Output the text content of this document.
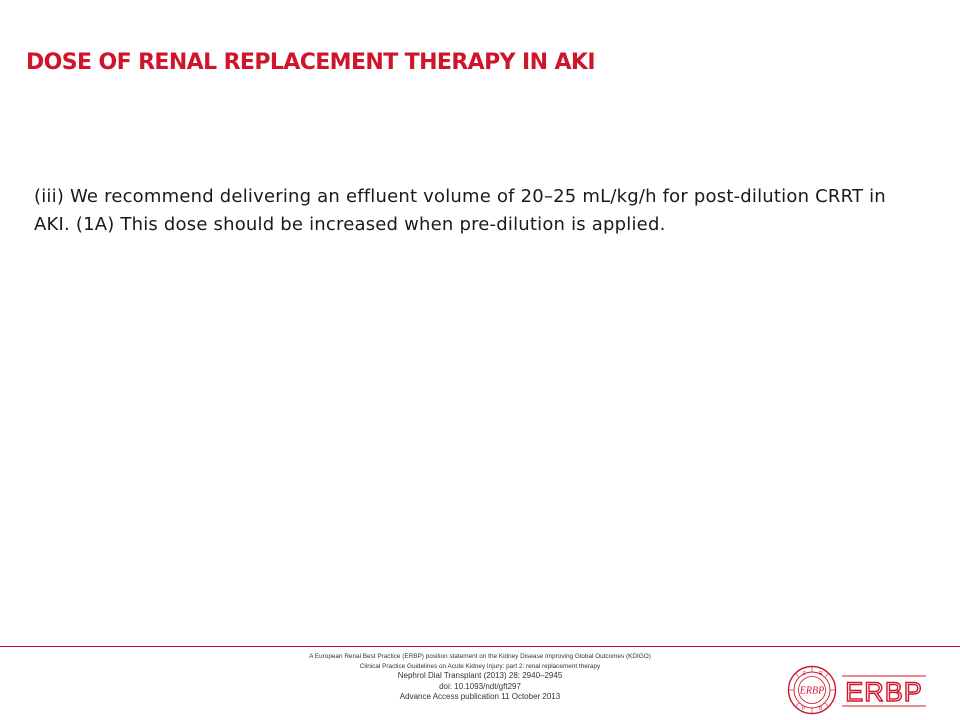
DOSE OF RENAL REPLACEMENT THERAPY IN AKI

(iii) We recommend delivering an effluent volume of 20–25 mL/kg/h for post-dilution CRRT in AKI. (1A) This dose should be increased when pre-dilution is applied.

A European Renal Best Practice (ERBP) position statement on the Kidney Disease Improving Global Outcomes (KDIGO)
Clinical Practice Guidelines on Acute Kidney Injury: part 2: renal replacement therapy
Nephrol Dial Transplant (2013) 28: 2940–2945
doi: 10.1093/ndt/gft297
Advance Access publication 11 October 2013
E	R
B
P
ERBP ERBP
